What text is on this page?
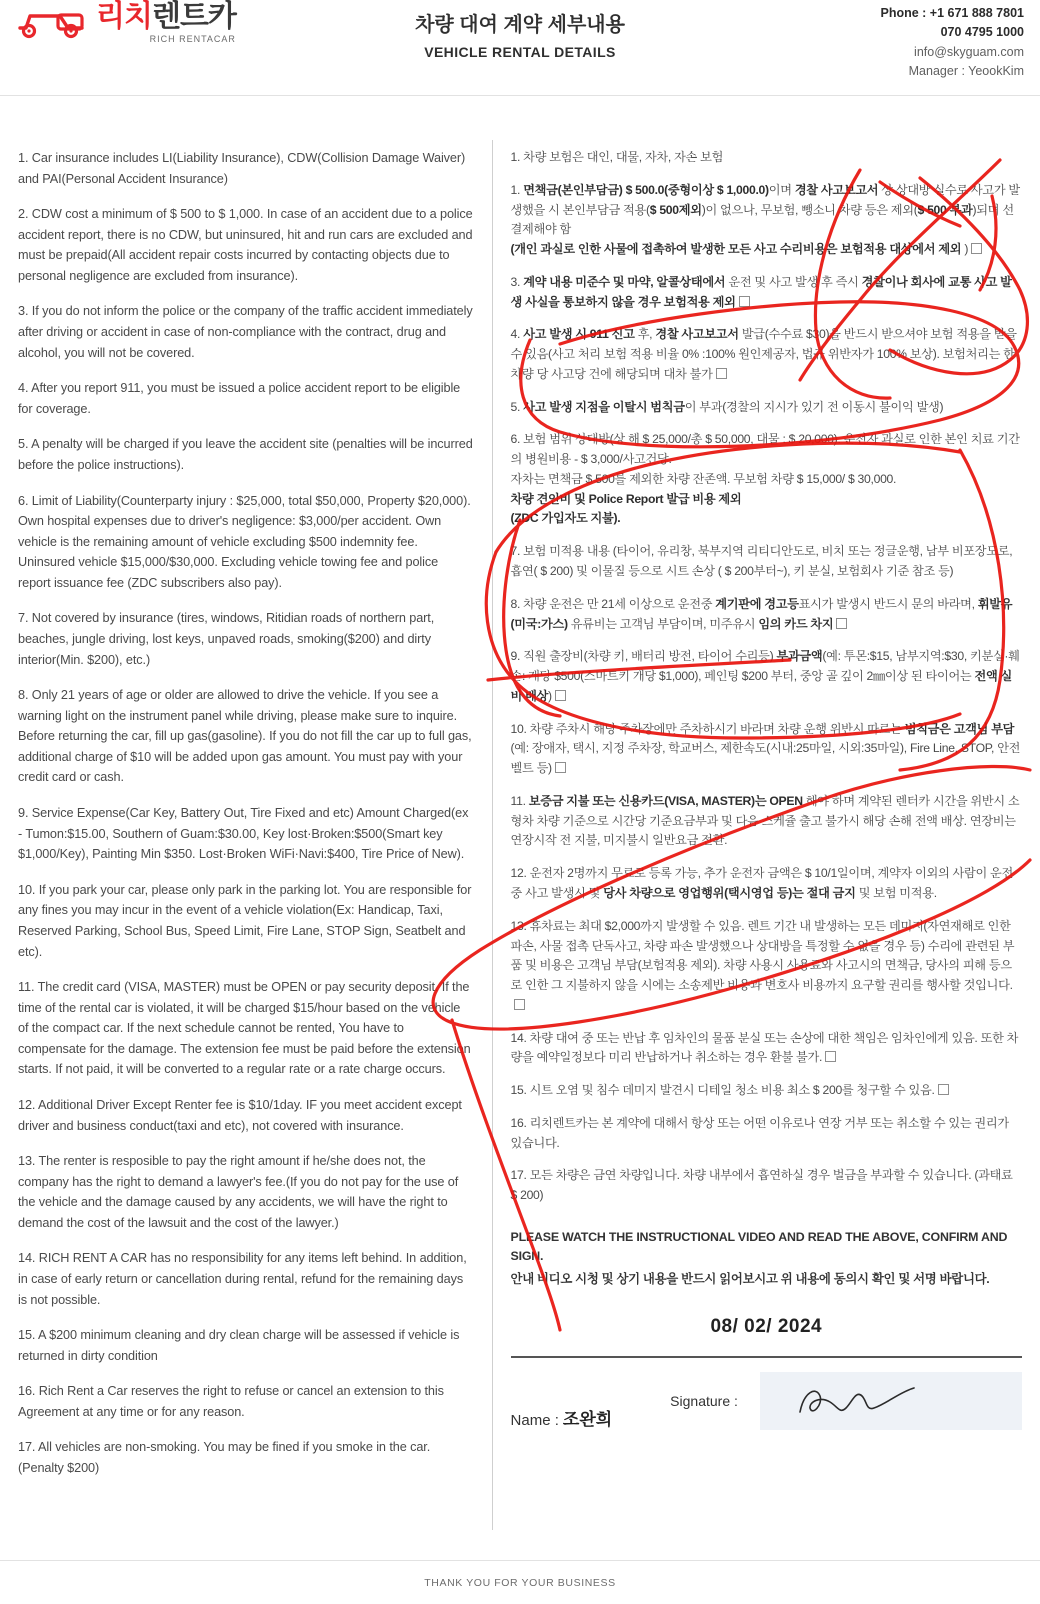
리치렌트카
RICH RENTACAR
차량 대여 계약 세부내용
VEHICLE RENTAL DETAILS
Phone : +1 671 888 7801
070 4795 1000
info@skyguam.com
Manager : YeookKim
1. Car insurance includes LI(Liability Insurance), CDW(Collision Damage Waiver) and PAI(Personal Accident Insurance)
2. CDW cost a minimum of $ 500 to $ 1,000. In case of an accident due to a police accident report, there is no CDW, but uninsured, hit and run cars are excluded and must be prepaid(All accident repair costs incurred by contacting objects due to personal negligence are excluded from insurance).
3. If you do not inform the police or the company of the traffic accident immediately after driving or accident in case of non-compliance with the contract, drug and alcohol, you will not be covered.
4. After you report 911, you must be issued a police accident report to be eligible for coverage.
5. A penalty will be charged if you leave the accident site (penalties will be incurred before the police instructions).
6. Limit of Liability(Counterparty injury : $25,000, total $50,000, Property $20,000). Own hospital expenses due to driver's negligence: $3,000/per accident. Own vehicle is the remaining amount of vehicle excluding $500 indemnity fee. Uninsured vehicle $15,000/$30,000. Excluding vehicle towing fee and police report issuance fee (ZDC subscribers also pay).
7. Not covered by insurance (tires, windows, Ritidian roads of northern part, beaches, jungle driving, lost keys, unpaved roads, smoking($200) and dirty interior(Min. $200), etc.)
8. Only 21 years of age or older are allowed to drive the vehicle. If you see a warning light on the instrument panel while driving, please make sure to inquire. Before returning the car, fill up gas(gasoline). If you do not fill the car up to full gas, additional charge of $10 will be added upon gas amount. You must pay with your credit card or cash.
9. Service Expense(Car Key, Battery Out, Tire Fixed and etc) Amount Charged(ex - Tumon:$15.00, Southern of Guam:$30.00, Key lost·Broken:$500(Smart key $1,000/Key), Painting Min $350. Lost·Broken WiFi·Navi:$400, Tire Price of New).
10. If you park your car, please only park in the parking lot. You are responsible for any fines you may incur in the event of a vehicle violation(Ex: Handicap, Taxi, Reserved Parking, School Bus, Speed Limit, Fire Lane, STOP Sign, Seatbelt and etc).
11. The credit card (VISA, MASTER) must be OPEN or pay security deposit. If the time of the rental car is violated, it will be charged $15/hour based on the vehicle of the compact car. If the next schedule cannot be rented, You have to compensate for the damage. The extension fee must be paid before the extension starts. If not paid, it will be converted to a regular rate or a rate charge occurs.
12. Additional Driver Except Renter fee is $10/1day. IF you meet accident except driver and business conduct(taxi and etc), not covered with insurance.
13. The renter is resposible to pay the right amount if he/she does not, the company has the right to demand a lawyer's fee.(If you do not pay for the use of the vehicle and the damage caused by any accidents, we will have the right to demand the cost of the lawsuit and the cost of the lawyer.)
14. RICH RENT A CAR has no responsibility for any items left behind. In addition, in case of early return or cancellation during rental, refund for the remaining days is not possible.
15. A $200 minimum cleaning and dry clean charge will be assessed if vehicle is returned in dirty condition
16. Rich Rent a Car reserves the right to refuse or cancel an extension to this Agreement at any time or for any reason.
17. All vehicles are non-smoking. You may be fined if you smoke in the car. (Penalty $200)
1. 차량 보험은 대인, 대물, 자차, 자손 보험
1. 면책금(본인부담금) $ 500.0(중형이상 $ 1,000.0)이며 경찰 사고보고서 상 상대방 실수로 사고가 발생했을 시 본인부담금 적용($ 500제외)이 없으나, 무보험, 뺑소니 차량 등은 제외($ 500 부과)되며 선결제해야 함
(개인 과실로 인한 사물에 접촉하여 발생한 모든 사고 수리비용은 보험적용 대상에서 제외 )
3. 계약 내용 미준수 및 마약, 알콜상태에서 운전 및 사고 발생 후 즉시 경찰이나 회사에 교통 사고 발생 사실을 통보하지 않을 경우 보험적용 제외
4. 사고 발생 시 911 신고 후, 경찰 사고보고서 발급(수수료 $30)을 반드시 받으셔야 보험 적용을 받을 수 있음(사고 처리 보험 적용 비율 0% :100% 원인제공자, 법규 위반자가 100% 보상). 보험처리는 한 차량 당 사고당 건에 해당되며 대차 불가
5. 사고 발생 지점을 이탈시 범칙금이 부과(경찰의 지시가 있기 전 이동시 불이익 발생)
6. 보험 범위 상대방(상 해 $ 25,000/총 $ 50,000, 대물 : $ 20,000). 운전자 과실로 인한 본인 치료 기간의 병원비용 - $ 3,000/사고건당.
자차는 면책금 $ 500를 제외한 차량 잔존액. 무보험 차량 $ 15,000/ $ 30,000.
차량 견인비 및 Police Report 발급 비용 제외
(ZDC 가입자도 지불).
7. 보험 미적용 내용 (타이어, 유리창, 북부지역 리티디안도로, 비치 또는 정글운행, 남부 비포장도로, 흡연( $ 200) 및 이물질 등으로 시트 손상 ( $ 200부터~), 키 분실, 보험회사 기준 참조 등)
8. 차량 운전은 만 21세 이상으로 운전중 계기판에 경고등표시가 발생시 반드시 문의 바라며, 휘발유(미국:가스) 유류비는 고객님 부담이며, 미주유시 임의 카드 차지
9. 직원 출장비(차량 키, 배터리 방전, 타이어 수리등) 부과금액(예: 투몬:$15, 남부지역:$30, 키분실·훼손: 개당 $500(스마트키 개당 $1,000), 페인팅 $200 부터, 중앙 골 깊이 2㎜이상 된 타이어는 전액 실비 배상)
10. 차량 주차시 해당 주차장에만 주차하시기 바라며 차량 운행 위반시 따르는 범칙금은 고객님 부담 (예: 장애자, 택시, 지정 주차장, 학교버스, 제한속도(시내:25마일, 시외:35마일), Fire Line, STOP, 안전벨트 등)
11. 보증금 지불 또는 신용카드(VISA, MASTER)는 OPEN 해야 하며 계약된 렌터카 시간을 위반시 소형차 차량 기준으로 시간당 기준요금부과 및 다음 스케쥴 출고 불가시 해당 손해 전액 배상. 연장비는 연장시작 전 지불, 미지불시 일반요금 전환.
12. 운전자 2명까지 무료로 등록 가능, 추가 운전자 금액은 $ 10/1일이며, 계약자 이외의 사람이 운전중 사고 발생시 및 당사 차량으로 영업행위(택시영업 등)는 절대 금지 및 보험 미적용.
13. 휴차료는 최대 $2,000까지 발생할 수 있음. 렌트 기간 내 발생하는 모든 데미지(자연재해로 인한 파손, 사물 접촉 단독사고, 차량 파손 발생했으나 상대방을 특정할 수 없을 경우 등) 수리에 관련된 부품 및 비용은 고객님 부담(보험적용 제외). 차량 사용시 사용료와 사고시의 면책금, 당사의 피해 등으로 인한 그 지불하지 않을 시에는 소송제반 비용과 변호사 비용까지 요구할 권리를 행사할 것입니다.
14. 차량 대여 중 또는 반납 후 임차인의 물품 분실 또는 손상에 대한 책임은 임차인에게 있음. 또한 차량을 예약일정보다 미리 반납하거나 취소하는 경우 환불 불가.
15. 시트 오염 및 침수 데미지 발견시 디테일 청소 비용 최소 $ 200를 청구할 수 있음.
16. 리치렌트카는 본 계약에 대해서 항상 또는 어떤 이유로나 연장 거부 또는 취소할 수 있는 권리가 있습니다.
17. 모든 차량은 금연 차량입니다. 차량 내부에서 흡연하실 경우 벌금을 부과할 수 있습니다. (과태료 $ 200)
PLEASE WATCH THE INSTRUCTIONAL VIDEO AND READ THE ABOVE, CONFIRM AND SIGN.
안내 비디오 시청 및 상기 내용을 반드시 읽어보시고 위 내용에 동의시 확인 및 서명 바랍니다.
08/ 02/ 2024
Name : 조완희
Signature :
THANK YOU FOR YOUR BUSINESS
